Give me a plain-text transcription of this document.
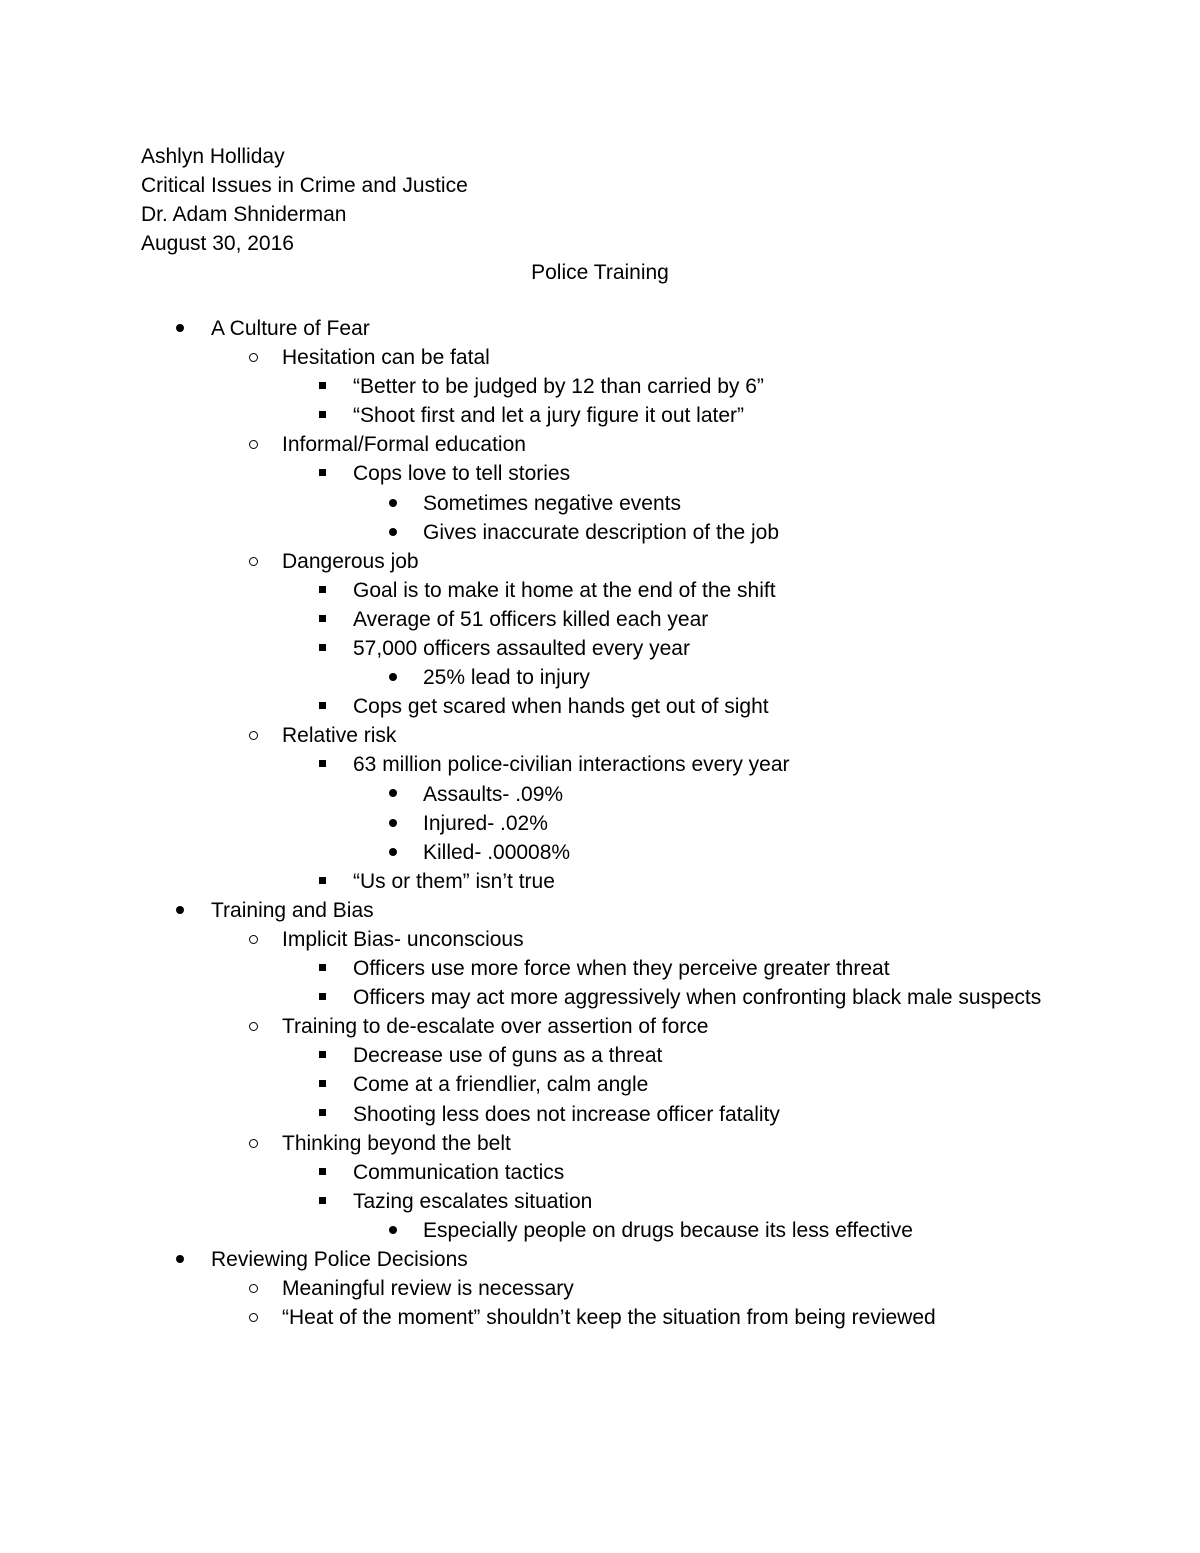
Ashlyn Holliday
Critical Issues in Crime and Justice
Dr. Adam Shniderman
August 30, 2016
Police Training
A Culture of Fear
Hesitation can be fatal
“Better to be judged by 12 than carried by 6”
“Shoot first and let a jury figure it out later”
Informal/Formal education
Cops love to tell stories
Sometimes negative events
Gives inaccurate description of the job
Dangerous job
Goal is to make it home at the end of the shift
Average of 51 officers killed each year
57,000 officers assaulted every year
25% lead to injury
Cops get scared when hands get out of sight
Relative risk
63 million police-civilian interactions every year
Assaults- .09%
Injured- .02%
Killed- .00008%
“Us or them” isn’t true
Training and Bias
Implicit Bias- unconscious
Officers use more force when they perceive greater threat
Officers may act more aggressively when confronting black male suspects
Training to de-escalate over assertion of force
Decrease use of guns as a threat
Come at a friendlier, calm angle
Shooting less does not increase officer fatality
Thinking beyond the belt
Communication tactics
Tazing escalates situation
Especially people on drugs because its less effective
Reviewing Police Decisions
Meaningful review is necessary
“Heat of the moment” shouldn’t keep the situation from being reviewed
